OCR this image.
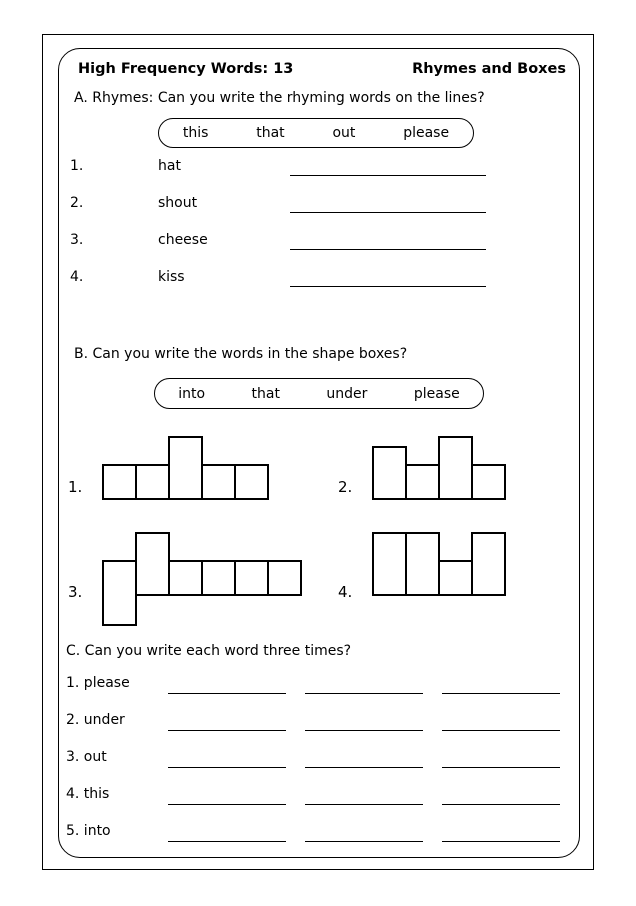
High Frequency Words: 13	Rhymes and Boxes
A. Rhymes: Can you write the rhyming words on the lines?
this	that	out	please
1.	hat
2.	shout
3.	cheese
4.	kiss
B. Can you write the words in the shape boxes?
into	that	under	please
1.	2.
3.	4.
C. Can you write each word three times?
1. please
2. under
3. out
4. this
5. into
